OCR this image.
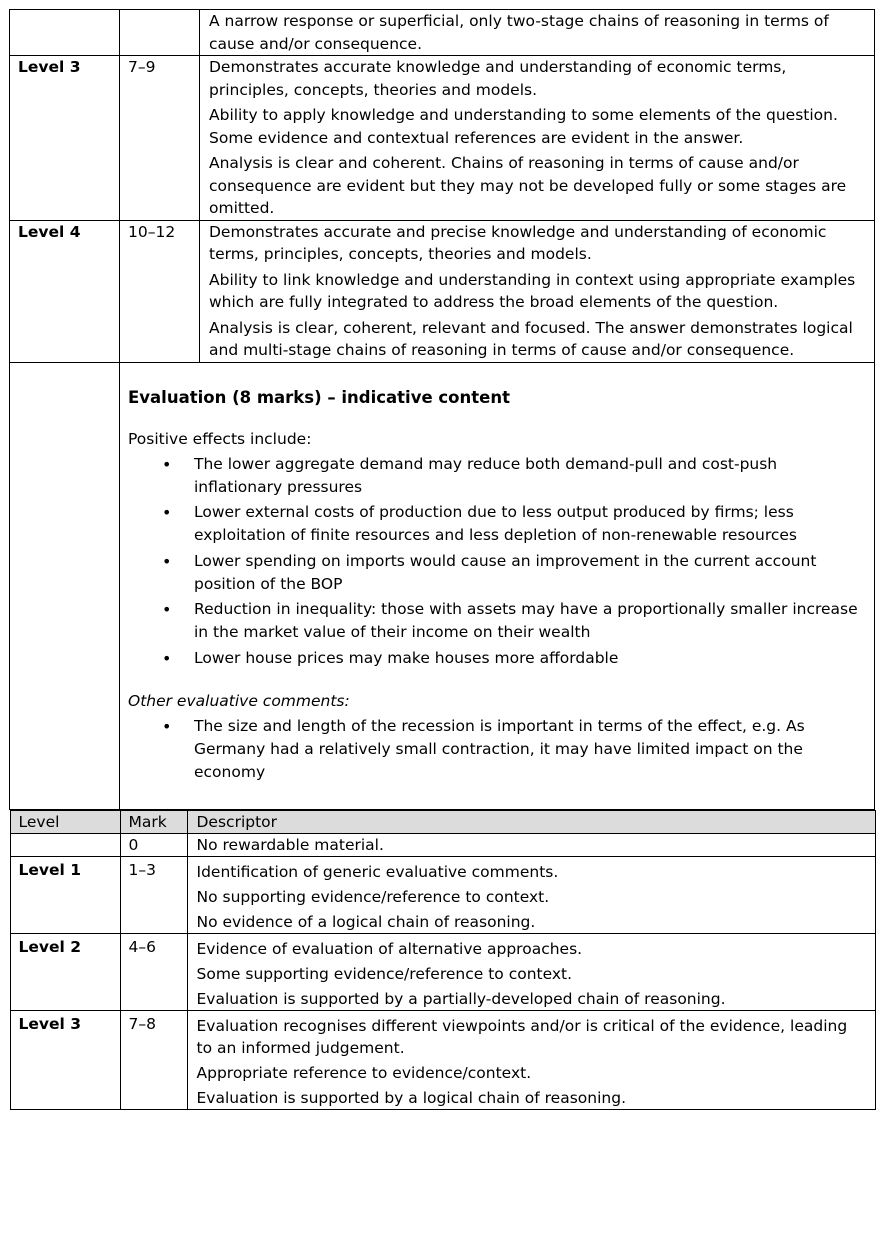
A narrow response or superficial, only two-stage chains of reasoning in terms of cause and/or consequence.

Level 3	7–9	Demonstrates accurate knowledge and understanding of economic terms, principles, concepts, theories and models.

Ability to apply knowledge and understanding to some elements of the question. Some evidence and contextual references are evident in the answer.

Analysis is clear and coherent. Chains of reasoning in terms of cause and/or consequence are evident but they may not be developed fully or some stages are omitted.

Level 4	10–12	Demonstrates accurate and precise knowledge and understanding of economic terms, principles, concepts, theories and models.

Ability to link knowledge and understanding in context using appropriate examples which are fully integrated to address the broad elements of the question.

Analysis is clear, coherent, relevant and focused. The answer demonstrates logical and multi-stage chains of reasoning in terms of cause and/or consequence.

Evaluation (8 marks) – indicative content
Positive effects include:
• The lower aggregate demand may reduce both demand-pull and cost-push inflationary pressures
• Lower external costs of production due to less output produced by firms; less exploitation of finite resources and less depletion of non-renewable resources
• Lower spending on imports would cause an improvement in the current account position of the BOP
• Reduction in inequality: those with assets may have a proportionally smaller increase in the market value of their income on their wealth
• Lower house prices may make houses more affordable
Other evaluative comments:
• The size and length of the recession is important in terms of the effect, e.g. As Germany had a relatively small contraction, it may have limited impact on the economy

Level	Mark	Descriptor
	0	No rewardable material.

Level 1	1–3	Identification of generic evaluative comments.

No supporting evidence/reference to context.

No evidence of a logical chain of reasoning.

Level 2	4–6	Evidence of evaluation of alternative approaches.

Some supporting evidence/reference to context.

Evaluation is supported by a partially-developed chain of reasoning.

Level 3	7–8	Evaluation recognises different viewpoints and/or is critical of the evidence, leading to an informed judgement.

Appropriate reference to evidence/context.

Evaluation is supported by a logical chain of reasoning.
